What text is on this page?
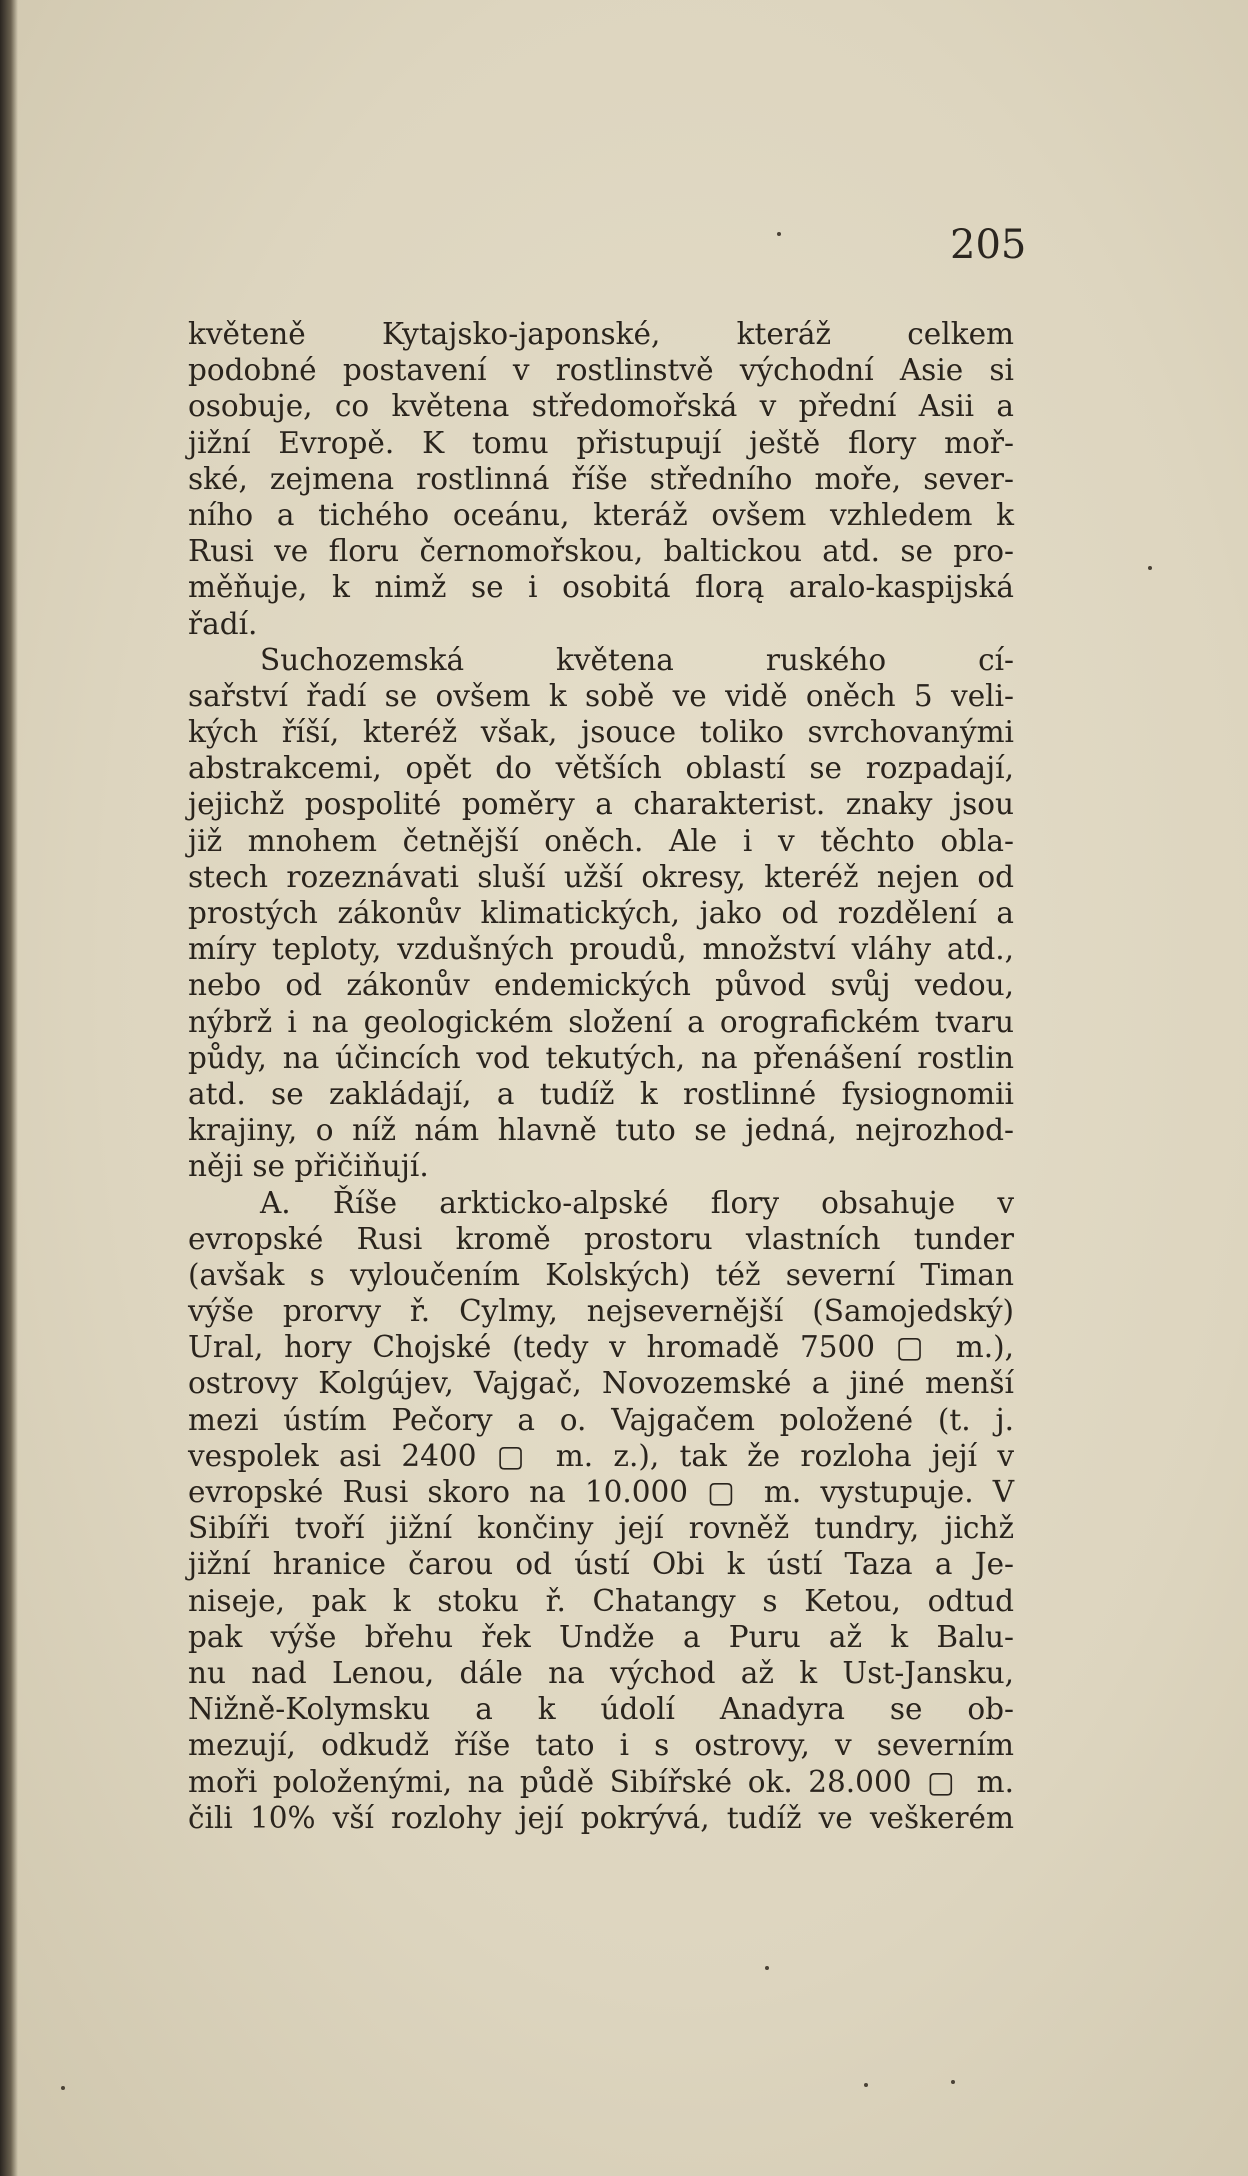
205
květeně Kytajsko-japonské, kteráž celkem
podobné postavení v rostlinstvě východní Asie si
osobuje, co květena středomořská v přední Asii a
jižní Evropě. K tomu přistupují ještě flory moř-
ské, zejmena rostlinná říše středního moře, sever-
ního a tichého oceánu, kteráž ovšem vzhledem k
Rusi ve floru černomořskou, baltickou atd. se pro-
měňuje, k nimž se i osobitá florą aralo-kaspijská
řadí.
Suchozemská květena ruského cí-
sařství řadí se ovšem k sobě ve vidě oněch 5 veli-
kých říší, kteréž však, jsouce toliko svrchovanými
abstrakcemi, opět do větších oblastí se rozpadají,
jejichž pospolité poměry a charakterist. znaky jsou
již mnohem četnější oněch. Ale i v těchto obla-
stech rozeznávati sluší užší okresy, kteréž nejen od
prostých zákonův klimatických, jako od rozdělení a
míry teploty, vzdušných proudů, množství vláhy atd.,
nebo od zákonův endemických původ svůj vedou,
nýbrž i na geologickém složení a orografickém tvaru
půdy, na účincích vod tekutých, na přenášení rostlin
atd. se zakládají, a tudíž k rostlinné fysiognomii
krajiny, o níž nám hlavně tuto se jedná, nejrozhod-
něji se přičiňují.
A. Říše arkticko-alpské flory obsahuje v
evropské Rusi kromě prostoru vlastních tunder
(avšak s vyloučením Kolských) též severní Timan
výše prorvy ř. Cylmy, nejsevernější (Samojedský)
Ural, hory Chojské (tedy v hromadě 7500 ▢ m.),
ostrovy Kolgújev, Vajgač, Novozemské a jiné menší
mezi ústím Pečory a o. Vajgačem položené (t. j.
vespolek asi 2400 ▢ m. z.), tak že rozloha její v
evropské Rusi skoro na 10.000 ▢ m. vystupuje. V
Sibíři tvoří jižní končiny její rovněž tundry, jichž
jižní hranice čarou od ústí Obi k ústí Taza a Je-
niseje, pak k stoku ř. Chatangy s Ketou, odtud
pak výše břehu řek Undže a Puru až k Balu-
nu nad Lenou, dále na východ až k Ust-Jansku,
Nižně-Kolymsku a k údolí Anadyra se ob-
mezují, odkudž říše tato i s ostrovy, v severním
moři položenými, na půdě Sibířské ok. 28.000 ▢ m.
čili 10% vší rozlohy její pokrývá, tudíž ve veškerém
